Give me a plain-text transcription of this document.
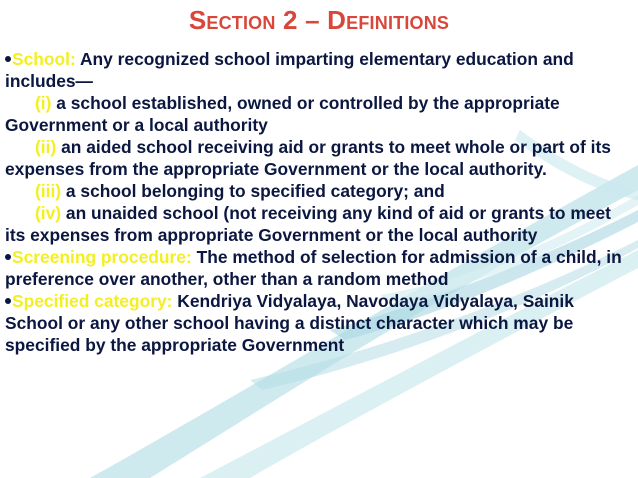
Section 2 – Definitions

School: Any recognized school imparting elementary education and includes—

(i) a school established, owned or controlled by the appropriate Government or a local authority

(ii) an aided school receiving aid or grants to meet whole or part of its expenses from the appropriate Government or the local authority.

(iii) a school belonging to specified category; and

(iv) an unaided school (not receiving any kind of aid or grants to meet its expenses from appropriate Government or the local authority

Screening procedure: The method of selection for admission of a child, in preference over another, other than a random method

Specified category: Kendriya Vidyalaya, Navodaya Vidyalaya, Sainik School or any other school having a distinct character which may be specified by the appropriate Government
